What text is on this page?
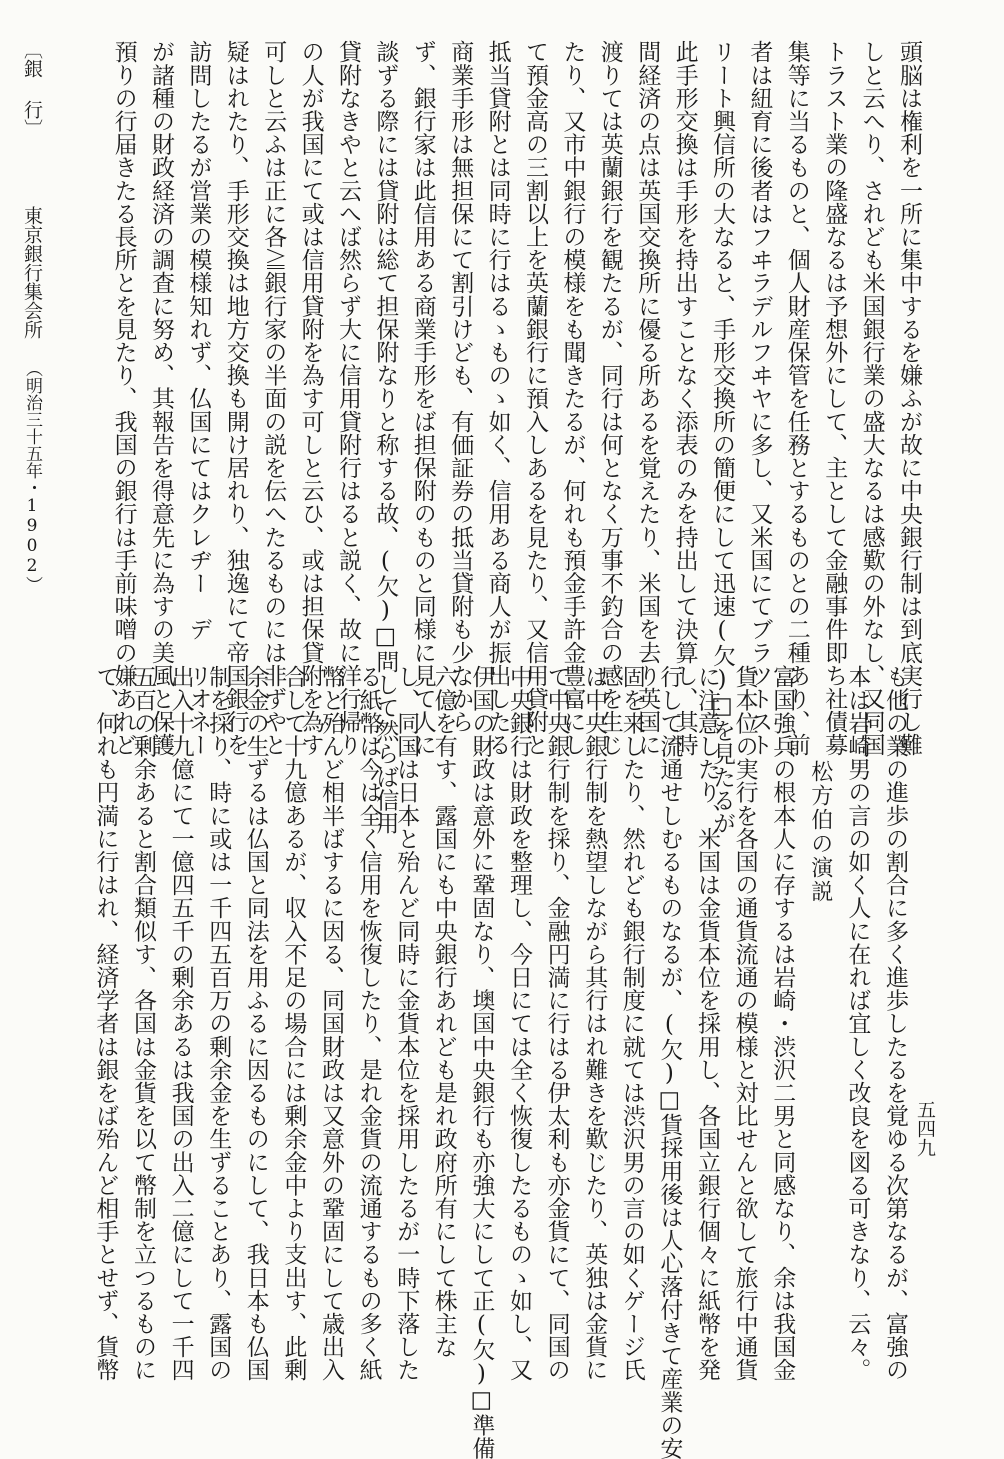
〔銀 行〕
東京銀行集会所
（明治三十五年・1902）
五四九
頭脳は権利を一所に集中するを嫌ふが故に中央銀行制は到底実行し難
しと云へり、されども米国銀行業の盛大なるは感歎の外なし、又同国
トラスト業の隆盛なるは予想外にして、主として金融事件即ち社債募
集等に当るものと、個人財産保管を任務とするものとの二種あり、前
者は紐育に後者はフヰラデルフヰヤに多し、又米国にてブラツトスト
リート興信所の大なると、手形交換所の簡便にして迅速(欠)□を見たるが
此手形交換は手形を持出すことなく添表のみを持出して決算し、其時
間経済の点は英国交換所に優る所あるを覚えたり、米国を去り英国に
渡りては英蘭銀行を観たるが、同行は何となく万事不釣合の感を生じ
たり、又市中銀行の模様をも聞きたるが、何れも預金手許金豊富にし
て預金高の三割以上を英蘭銀行に預入しあるを見たり、又信用貸附と
抵当貸附とは同時に行はるゝものゝ如く、信用ある商人が振出したる
商業手形は無担保にて割引けども、有価証券の抵当貸附も少なから
ず、銀行家は此信用ある商業手形をば担保附のものと同様に見て人に
談ずる際には貸附は総て担保附なりと称する故、(欠)□問して然らば信用
貸附なきやと云へば然らず大に信用貸附行はると説く、故に洋行帰り
の人が我国にて或は信用貸附を為す可しと云ひ、或は担保貸附を為す
可しと云ふは正に各≧銀行家の半面の説を伝へたるものには非ずやと
疑はれたり、手形交換は地方交換も開け居れり、独逸にて帝国銀行を
訪問したるが営業の模様知れず、仏国にてはクレヂー　デ　リオネー
が諸種の財政経済の調査に努め、其報告を得意先に為すの美風と保護
預りの行届きたる長所とを見たり、我国の銀行は手前味噌の嫌あれど
も他の業の進歩の割合に多く進歩したるを覚ゆる次第なるが、富強の
本は岩崎男の言の如く人に在れば宜しく改良を図る可きなり、云々。
松方伯の演説
富国強兵の根本人に存するは岩崎・渋沢二男と同感なり、余は我国金
貨本位の実行を各国の通貨流通の模様と対比せんと欲して旅行中通貨
に注意したり、米国は金貨本位を採用し、各国立銀行個々に紙幣を発
行して流通せしむるものなるが、(欠)□貨採用後は人心落付きて産業の安
固を来したり、然れども銀行制度に就ては渋沢男の言の如くゲージ氏
は中央銀行制を熱望しながら其行はれ難きを歎じたり、英独は金貨に
て中央銀行制を採り、金融円満に行はる伊太利も亦金貨にて、同国の
中央銀行は財政を整理し、今日にては全く恢復したるものゝ如し、又
伊国の財政は意外に鞏固なり、墺国中央銀行も亦強大にして正(欠)□準備
六億を有す、露国にも中央銀行あれども是れ政府所有にして株主な
し、同国は日本と殆んど同時に金貨本位を採用したるが一時下落した
る紙幣は今は全く信用を恢復したり、是れ金貨の流通するもの多く紙
幣と殆んど相半ばするに因る、同国財政は又意外の鞏固にして歳出入
合して十九億あるが、収入不足の場合には剰余金中より支出す、此剰
余金の生ずるは仏国と同法を用ふるに因るものにして、我日本も仏国
制を採り、時に或は一千四五百万の剰余金を生ずることあり、露国の
出入十九億にて一億四五千の剰余あるは我国の出入二億にして一千四
五百の剰余あると割合類似す、各国は金貨を以て幣制を立つるものに
て、何れも円満に行はれ、経済学者は銀をば殆んど相手とせず、貨幣
